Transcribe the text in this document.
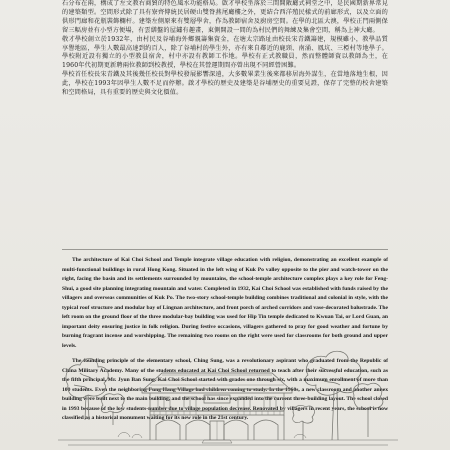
石分布在兩，構成了左文教右商貿的特色風水功能格局。啟才學校坐落於三間開敞廳式祠堂之中，是民國期新界常見的建築類型。空間形式除了具有寮齊傳統民居硬山雙脊燕尾廳樓之外，更結合西洋殖民樣式的前廊形式，以及立面的供形門廊和花瓶裝飾欄杆。建築左側原來有雙層學舍，作為教師宿舍及廚房空間。在學的北區大澳，學校正門兩側保留三幅房並有小型方便場，有雲繕盤的屋鏽有趣畫，東側開設一間的為村民們的舞練及集會空間，稱為上神大廳。

敬才學校創立於1932年，由村民及谷埔海外鄉親籌集資金，在塘太宗路址由校長宋青鐵籌建，規模雖小，教學品質享譽地區，學生人數最高達到約百人，除了谷埔村的學生外，亦有來自鄰近的鹿頸、南涌、鳳坑、三椏村等地學子。學校附近設有獨立的小型教員宿舍，村中亦設有教師工作地。學校有正式教職員，然而整體師資以教師為主，在1960年代初期更新聘兩位教師到校教授，學校在其營運期間亦曾出現不同經營困難。

學校首任校長宋青鐵及其後幾任校長對學校發展影響深遠，大多數畢業生後來都移居海外謀生，在當地落地生根，因此，學校在1993年因學生人數不足而停辦。啟才學校的歷史及建築是谷埔歷史的重要見證，保存了完整的校舍建築和空間格局，具有重要的歷史與文化價值。

The architecture of Kai Choi School and Temple integrate village education with religion, demonstrating an excellent example of multi-functional buildings in rural Hong Kong. Situated in the left wing of Kuk Po valley opposite to the pier and watch-tower on the right, facing the basin and its settlements surrounded by mountains, the school-temple architecture complex plays a key role for Feng-Shui, a good site planning integrating mountain and water. Completed in 1932, Kai Choi School was established with funds raised by the villagers and overseas communities of Kuk Po. The two-story school-temple building combines traditional and colonial in style, with the typical roof structure and modular bay of Lingnan architecture, and front porch of arched corridors and vase-decorated balustrade. The left room on the ground floor of the three modular-bay building was used for Hip Tin temple dedicated to Kwuan Tai, or Lord Guan, an important deity ensuring justice in folk religion. During festive occasions, villagers gathered to pray for good weather and fortune by burning fragrant incense and worshipping. The remaining two rooms on the right were used for classrooms for both ground and upper levels.

The founding principle of the elementary school, Ching Sung, was a revolutionary aspirant who graduated from the Republic of China Military Academy. Many of the students educated at Kai Choi School returned to teach after their successful education, such as the fifth principal, Mr. Jyun Ban Sung. Kai Choi School started with grades one through six, with a maximum enrollment of more than 100 students. Even the neighboring Fung Hang Village had children coming to study. In the 1960s, a new classroom and another annex building were built next to the main building, and the school has since expanded into the current three-building layout. The school closed in 1993 because of the low students-number due to village population decrease. Renovated by villagers in recent years, the school is now classified as a historical monument waiting for its new role in the 21st century.
